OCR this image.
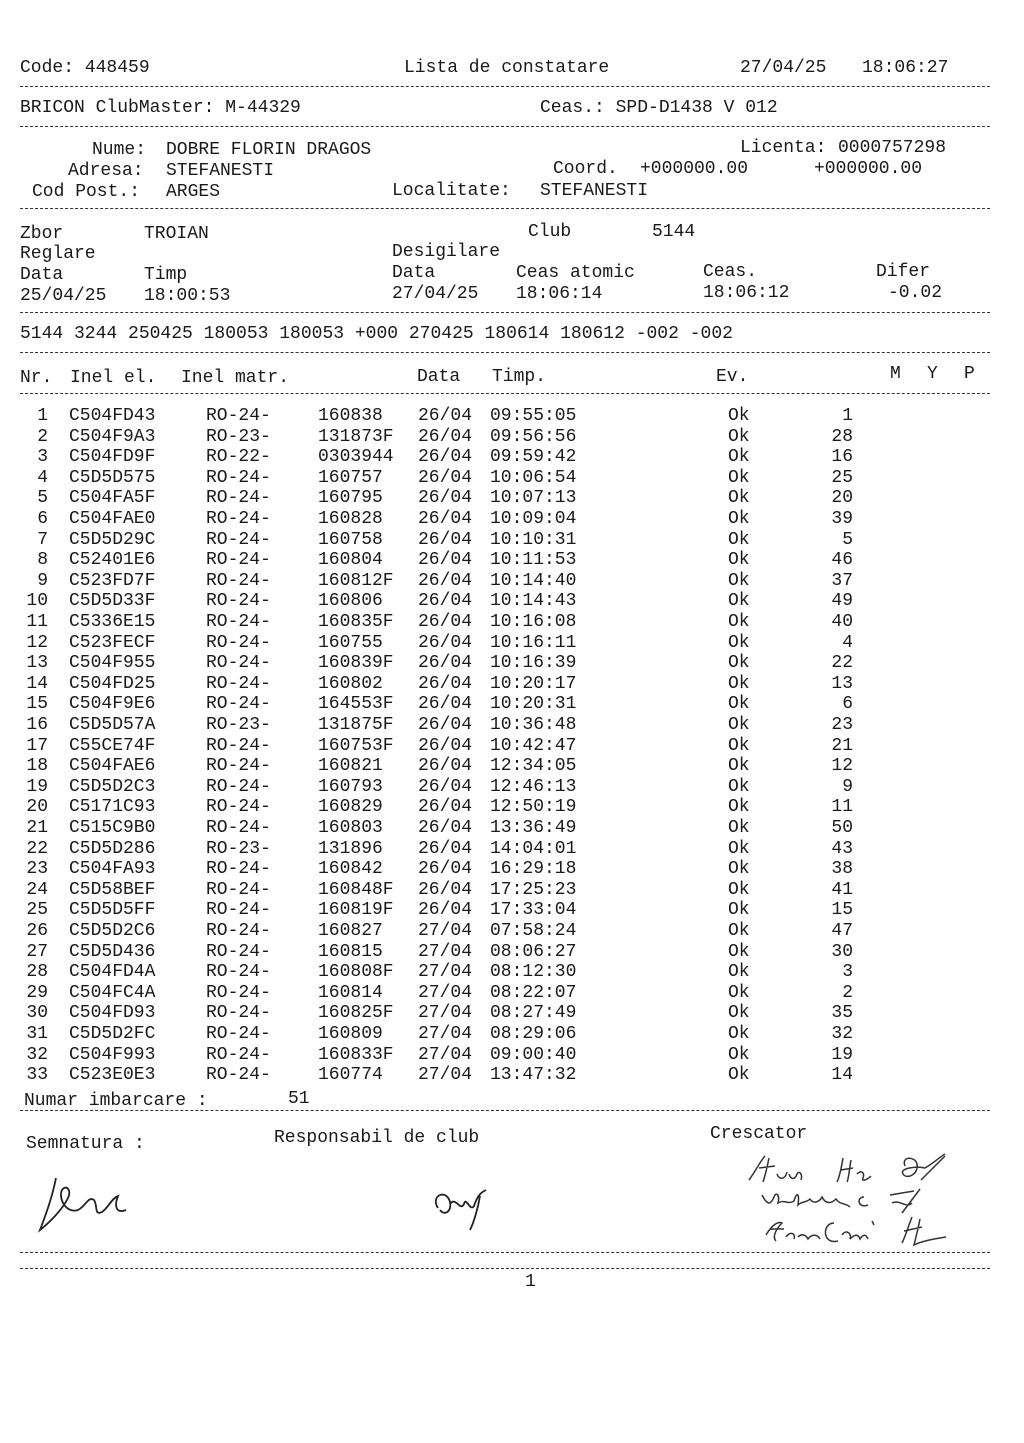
Code: 448459	Lista de constatare	27/04/25 18:06:27
BRICON ClubMaster: M-44329	Ceas.: SPD-D1438 V 012
Nume: DOBRE FLORIN DRAGOS	Licenta: 0000757298
Adresa: STEFANESTI	Coord. +000000.00	+000000.00
Cod Post.: ARGES	Localitate: STEFANESTI
Zbor	TROIAN	Club	5144
Reglare	Desigilare
Data	Timp	Data	Ceas atomic	Ceas.	Difer
25/04/25 18:00:53	27/04/25 18:06:14	18:06:12	-0.02
5144 3244 250425 180053 180053 +000 270425 180614 180612 -002 -002
Nr. Inel el. Inel matr.	Data Timp.	Ev.	M Y P
1 C504FD43	RO-24-	160838 26/04 09:55:05	Ok	1
2 C504F9A3	RO-23-	131873F 26/04 09:56:56	Ok	28
3 C504FD9F	RO-22-	0303944 26/04 09:59:42	Ok	16
4 C5D5D575	RO-24-	160757 26/04 10:06:54	Ok	25
5 C504FA5F	RO-24-	160795 26/04 10:07:13	Ok	20
6 C504FAE0	RO-24-	160828 26/04 10:09:04	Ok	39
7 C5D5D29C	RO-24-	160758 26/04 10:10:31	Ok	5
8 C52401E6	RO-24-	160804 26/04 10:11:53	Ok	46
9 C523FD7F	RO-24-	160812F 26/04 10:14:40	Ok	37
10 C5D5D33F	RO-24-	160806 26/04 10:14:43	Ok	49
11 C5336E15	RO-24-	160835F 26/04 10:16:08	Ok	40
12 C523FECF	RO-24-	160755 26/04 10:16:11	Ok	4
13 C504F955	RO-24-	160839F 26/04 10:16:39	Ok	22
14 C504FD25	RO-24-	160802 26/04 10:20:17	Ok	13
15 C504F9E6	RO-24-	164553F 26/04 10:20:31	Ok	6
16 C5D5D57A	RO-23-	131875F 26/04 10:36:48	Ok	23
17 C55CE74F	RO-24-	160753F 26/04 10:42:47	Ok	21
18 C504FAE6	RO-24-	160821 26/04 12:34:05	Ok	12
19 C5D5D2C3	RO-24-	160793 26/04 12:46:13	Ok	9
20 C5171C93	RO-24-	160829 26/04 12:50:19	Ok	11
21 C515C9B0	RO-24-	160803 26/04 13:36:49	Ok	50
22 C5D5D286	RO-23-	131896 26/04 14:04:01	Ok	43
23 C504FA93	RO-24-	160842 26/04 16:29:18	Ok	38
24 C5D58BEF	RO-24-	160848F 26/04 17:25:23	Ok	41
25 C5D5D5FF	RO-24-	160819F 26/04 17:33:04	Ok	15
26 C5D5D2C6	RO-24-	160827 27/04 07:58:24	Ok	47
27 C5D5D436	RO-24-	160815 27/04 08:06:27	Ok	30
28 C504FD4A	RO-24-	160808F 27/04 08:12:30	Ok	3
29 C504FC4A	RO-24-	160814 27/04 08:22:07	Ok	2
30 C504FD93	RO-24-	160825F 27/04 08:27:49	Ok	35
31 C5D5D2FC	RO-24-	160809 27/04 08:29:06	Ok	32
32 C504F993	RO-24-	160833F 27/04 09:00:40	Ok	19
33 C523E0E3	RO-24-	160774 27/04 13:47:32	Ok	14
Numar imbarcare :	51
Semnatura :	Responsabil de club	Crescator
1
